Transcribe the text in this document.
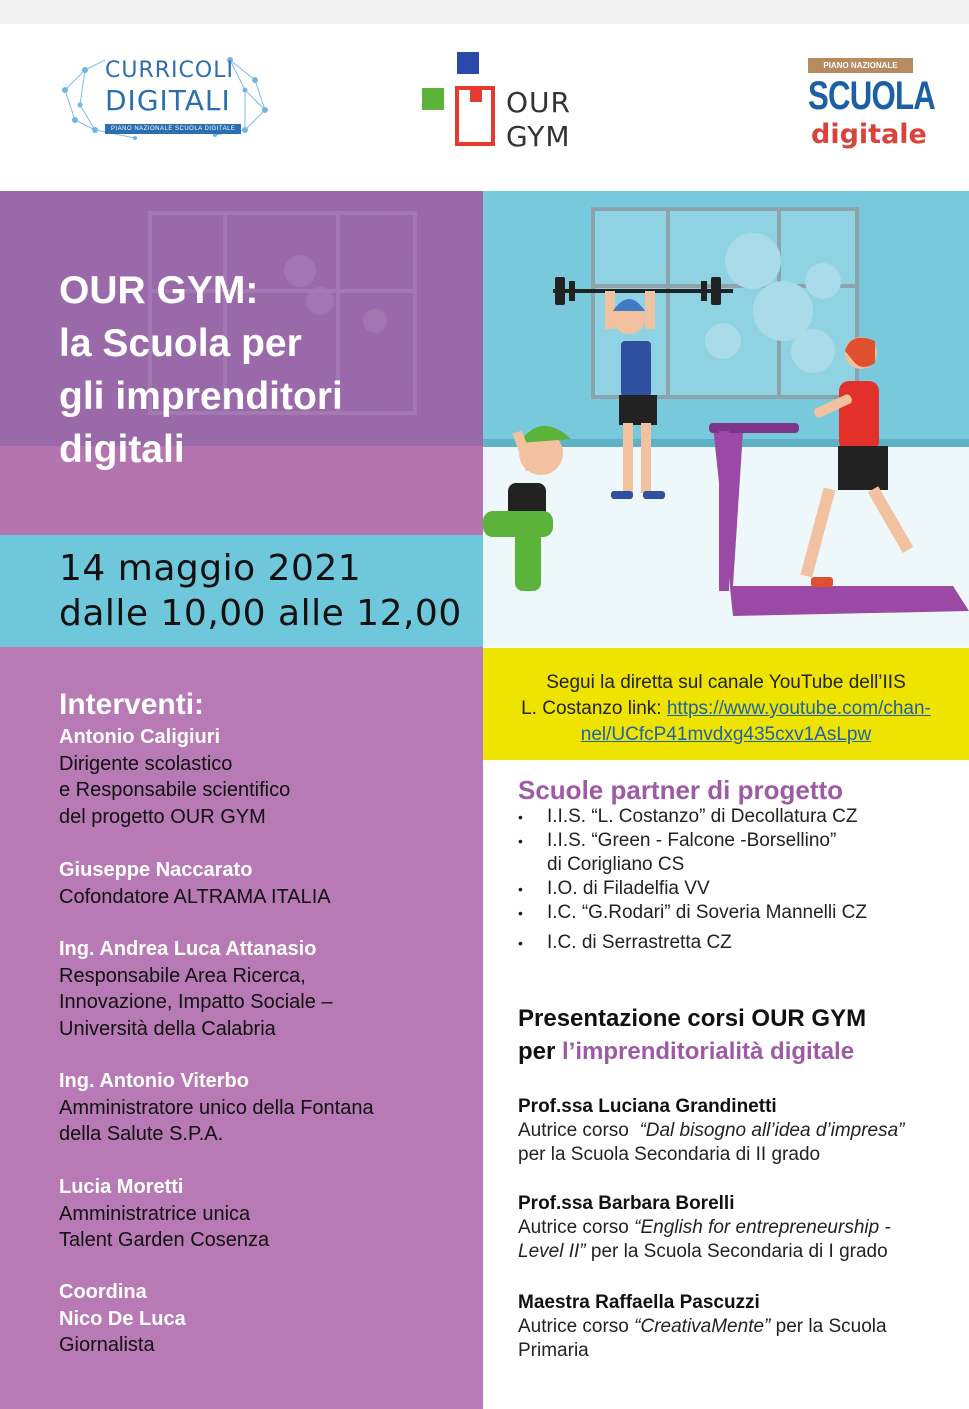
CURRICOLI
DIGITALI
PIANO NAZIONALE SCUOLA DIGITALE
OUR
GYM
PIANO NAZIONALE
SCUOLA
digitale
OUR GYM:
la Scuola per
gli imprenditori
digitali
14 maggio 2021
dalle 10,00 alle 12,00
Segui la diretta sul canale YouTube dell’IIS
L. Costanzo link: https://www.youtube.com/chan-
nel/UCfcP41mvdxg435cxv1AsLpw
Scuole partner di progetto
• I.I.S. “L. Costanzo” di Decollatura CZ
• I.I.S. “Green - Falcone -Borsellino”
di Corigliano CS
• I.O. di Filadelfia VV
• I.C. “G.Rodari” di Soveria Mannelli CZ
• I.C. di Serrastretta CZ
Presentazione corsi OUR GYM
per l’imprenditorialità digitale
Prof.ssa Luciana Grandinetti
Autrice corso  “Dal bisogno all’idea d’impresa”
per la Scuola Secondaria di II grado
Prof.ssa Barbara Borelli
Autrice corso “English for entrepreneurship -
Level II” per la Scuola Secondaria di I grado
Maestra Raffaella Pascuzzi
Autrice corso “CreativaMente” per la Scuola
Primaria
Interventi:
Antonio Caligiuri
Dirigente scolastico
e Responsabile scientifico
del progetto OUR GYM
Giuseppe Naccarato
Cofondatore ALTRAMA ITALIA
Ing. Andrea Luca Attanasio
Responsabile Area Ricerca,
Innovazione, Impatto Sociale –
Università della Calabria
Ing. Antonio Viterbo
Amministratore unico della Fontana
della Salute S.P.A.
Lucia Moretti
Amministratrice unica
Talent Garden Cosenza
Coordina
Nico De Luca
Giornalista
